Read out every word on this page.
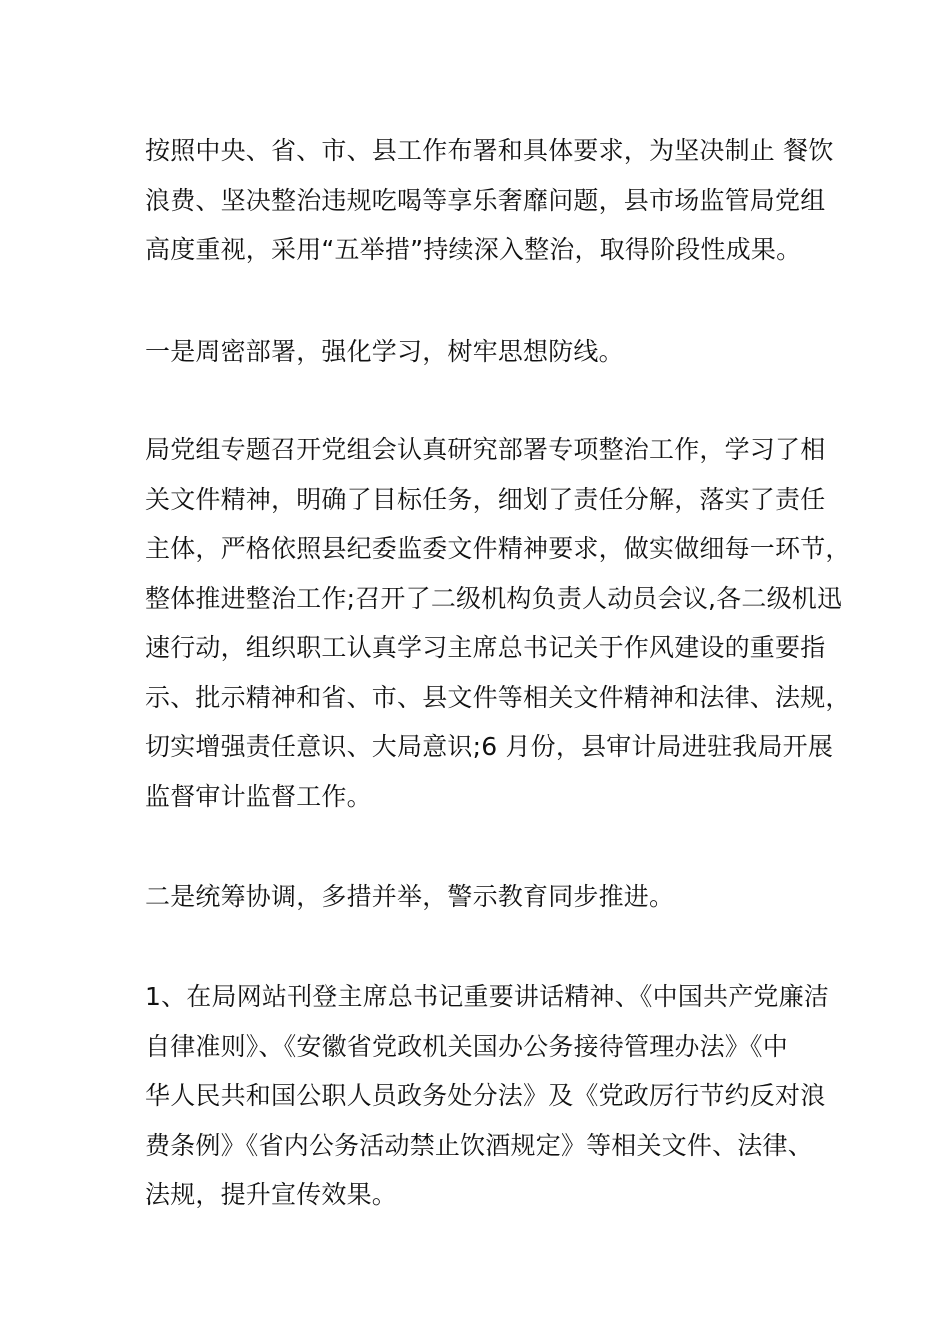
按照中央、省、市、县工作布署和具体要求，为坚决制止 餐饮
浪费、坚决整治违规吃喝等享乐奢靡问题，县市场监管局党组
高度重视，采用“五举措”持续深入整治，取得阶段性成果。
一是周密部署，强化学习，树牢思想防线。
局党组专题召开党组会认真研究部署专项整治工作，学习了相
关文件精神，明确了目标任务，细划了责任分解，落实了责任
主体，严格依照县纪委监委文件精神要求，做实做细每一环节，
整体推进整治工作;召开了二级机构负责人动员会议,各二级机迅
速行动，组织职工认真学习主席总书记关于作风建设的重要指
示、批示精神和省、市、县文件等相关文件精神和法律、法规，
切实增强责任意识、大局意识;6 月份，县审计局进驻我局开展
监督审计监督工作。
二是统筹协调，多措并举，警示教育同步推进。
1、在局网站刊登主席总书记重要讲话精神、《中国共产党廉洁
自律准则》、《安徽省党政机关国办公务接待管理办法》《中
华人民共和国公职人员政务处分法》及《党政厉行节约反对浪
费条例》《省内公务活动禁止饮酒规定》等相关文件、法律、
法规，提升宣传效果。
